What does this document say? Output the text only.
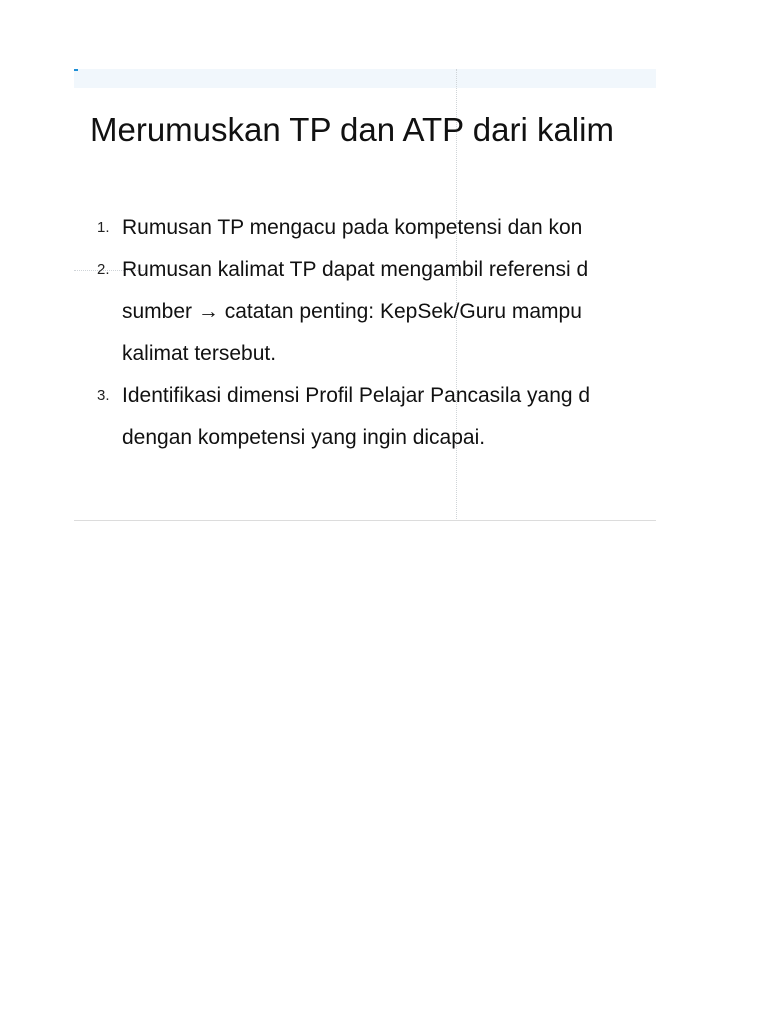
Merumuskan TP dan ATP dari kalim
1. Rumusan TP mengacu pada kompetensi dan kon
2. Rumusan kalimat TP dapat mengambil referensi d
sumber → catatan penting: KepSek/Guru mampu
kalimat tersebut.
3. Identifikasi dimensi Profil Pelajar Pancasila yang d
dengan kompetensi yang ingin dicapai.
